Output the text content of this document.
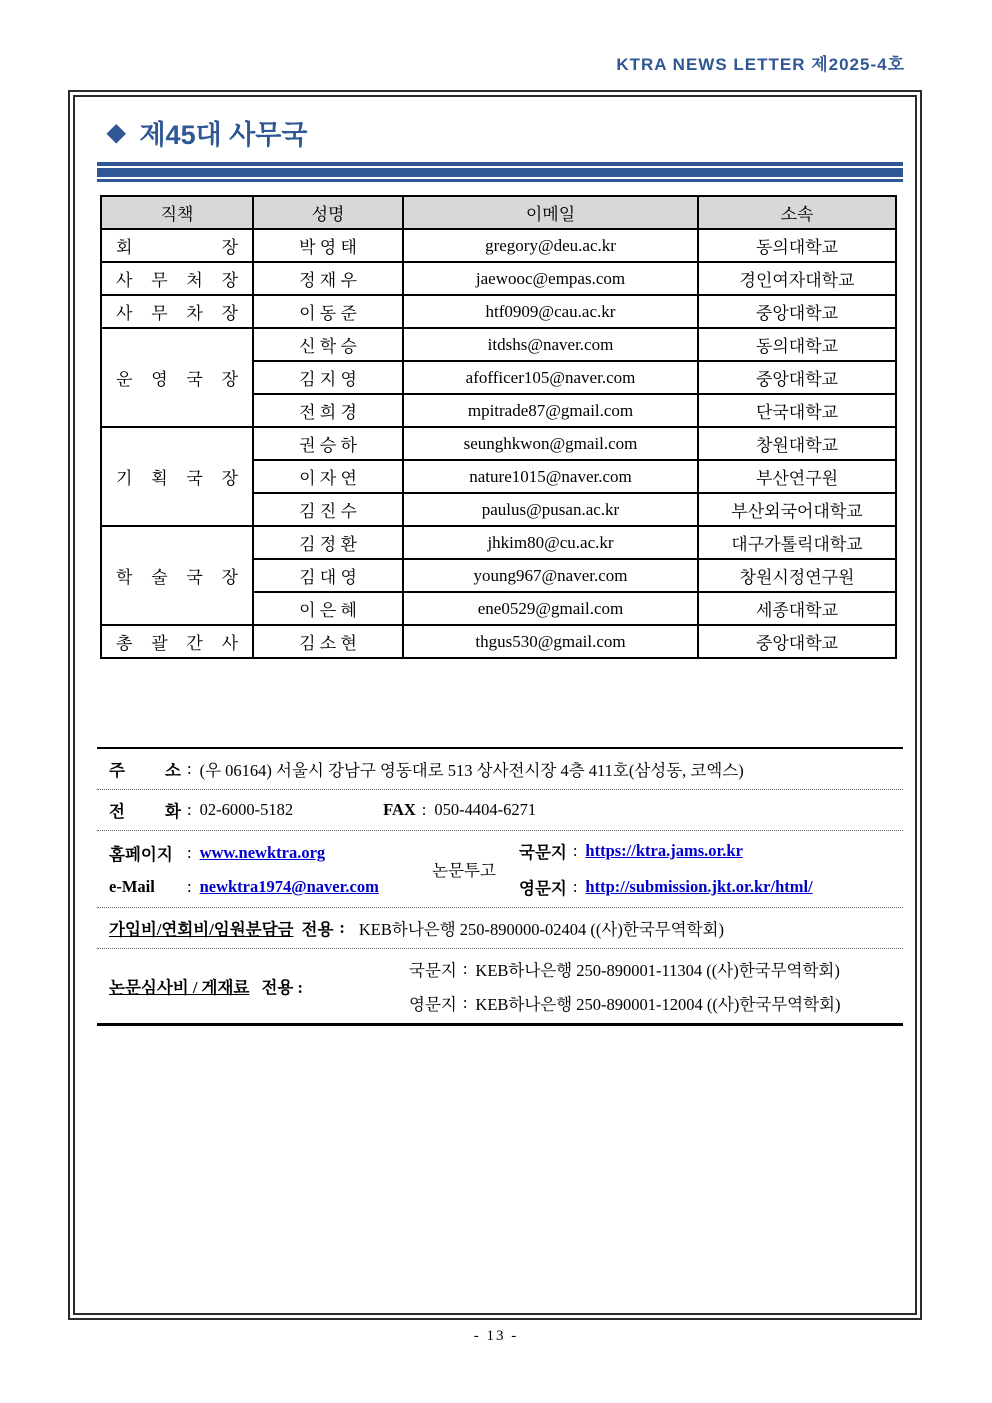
KTRA NEWS LETTER 제2025-4호
◆ 제45대 사무국
직책	성명	이메일	소속
회 장	박 영 태	gregory@deu.ac.kr	동의대학교
사 무 처 장	정 재 우	jaewooc@empas.com	경인여자대학교
사 무 차 장	이 동 준	htf0909@cau.ac.kr	중앙대학교
운 영 국 장	신 학 승	itdshs@naver.com	동의대학교
	김 지 영	afofficer105@naver.com	중앙대학교
	전 희 경	mpitrade87@gmail.com	단국대학교
기 획 국 장	권 승 하	seunghkwon@gmail.com	창원대학교
	이 자 연	nature1015@naver.com	부산연구원
	김 진 수	paulus@pusan.ac.kr	부산외국어대학교
학 술 국 장	김 정 환	jhkim80@cu.ac.kr	대구가톨릭대학교
	김 대 영	young967@naver.com	창원시정연구원
	이 은 혜	ene0529@gmail.com	세종대학교
총 괄 간 사	김 소 현	thgus530@gmail.com	중앙대학교
주 소 : (우 06164) 서울시 강남구 영동대로 513 상사전시장 4층 411호(삼성동, 코엑스)
전 화 : 02-6000-5182	FAX : 050-4404-6271
홈페이지 : www.newktra.org
e-Mail	: newktra1974@naver.com
논문투고
국문지 : https://ktra.jams.or.kr
영문지 : http://submission.jkt.or.kr/html/
가입비/연회비/임원분담금 전용 : KEB하나은행 250-890000-02404 ((사)한국무역학회)
논문심사비 / 게재료 전용 :
국문지 : KEB하나은행 250-890001-11304 ((사)한국무역학회)
영문지 : KEB하나은행 250-890001-12004 ((사)한국무역학회)
- 13 -
